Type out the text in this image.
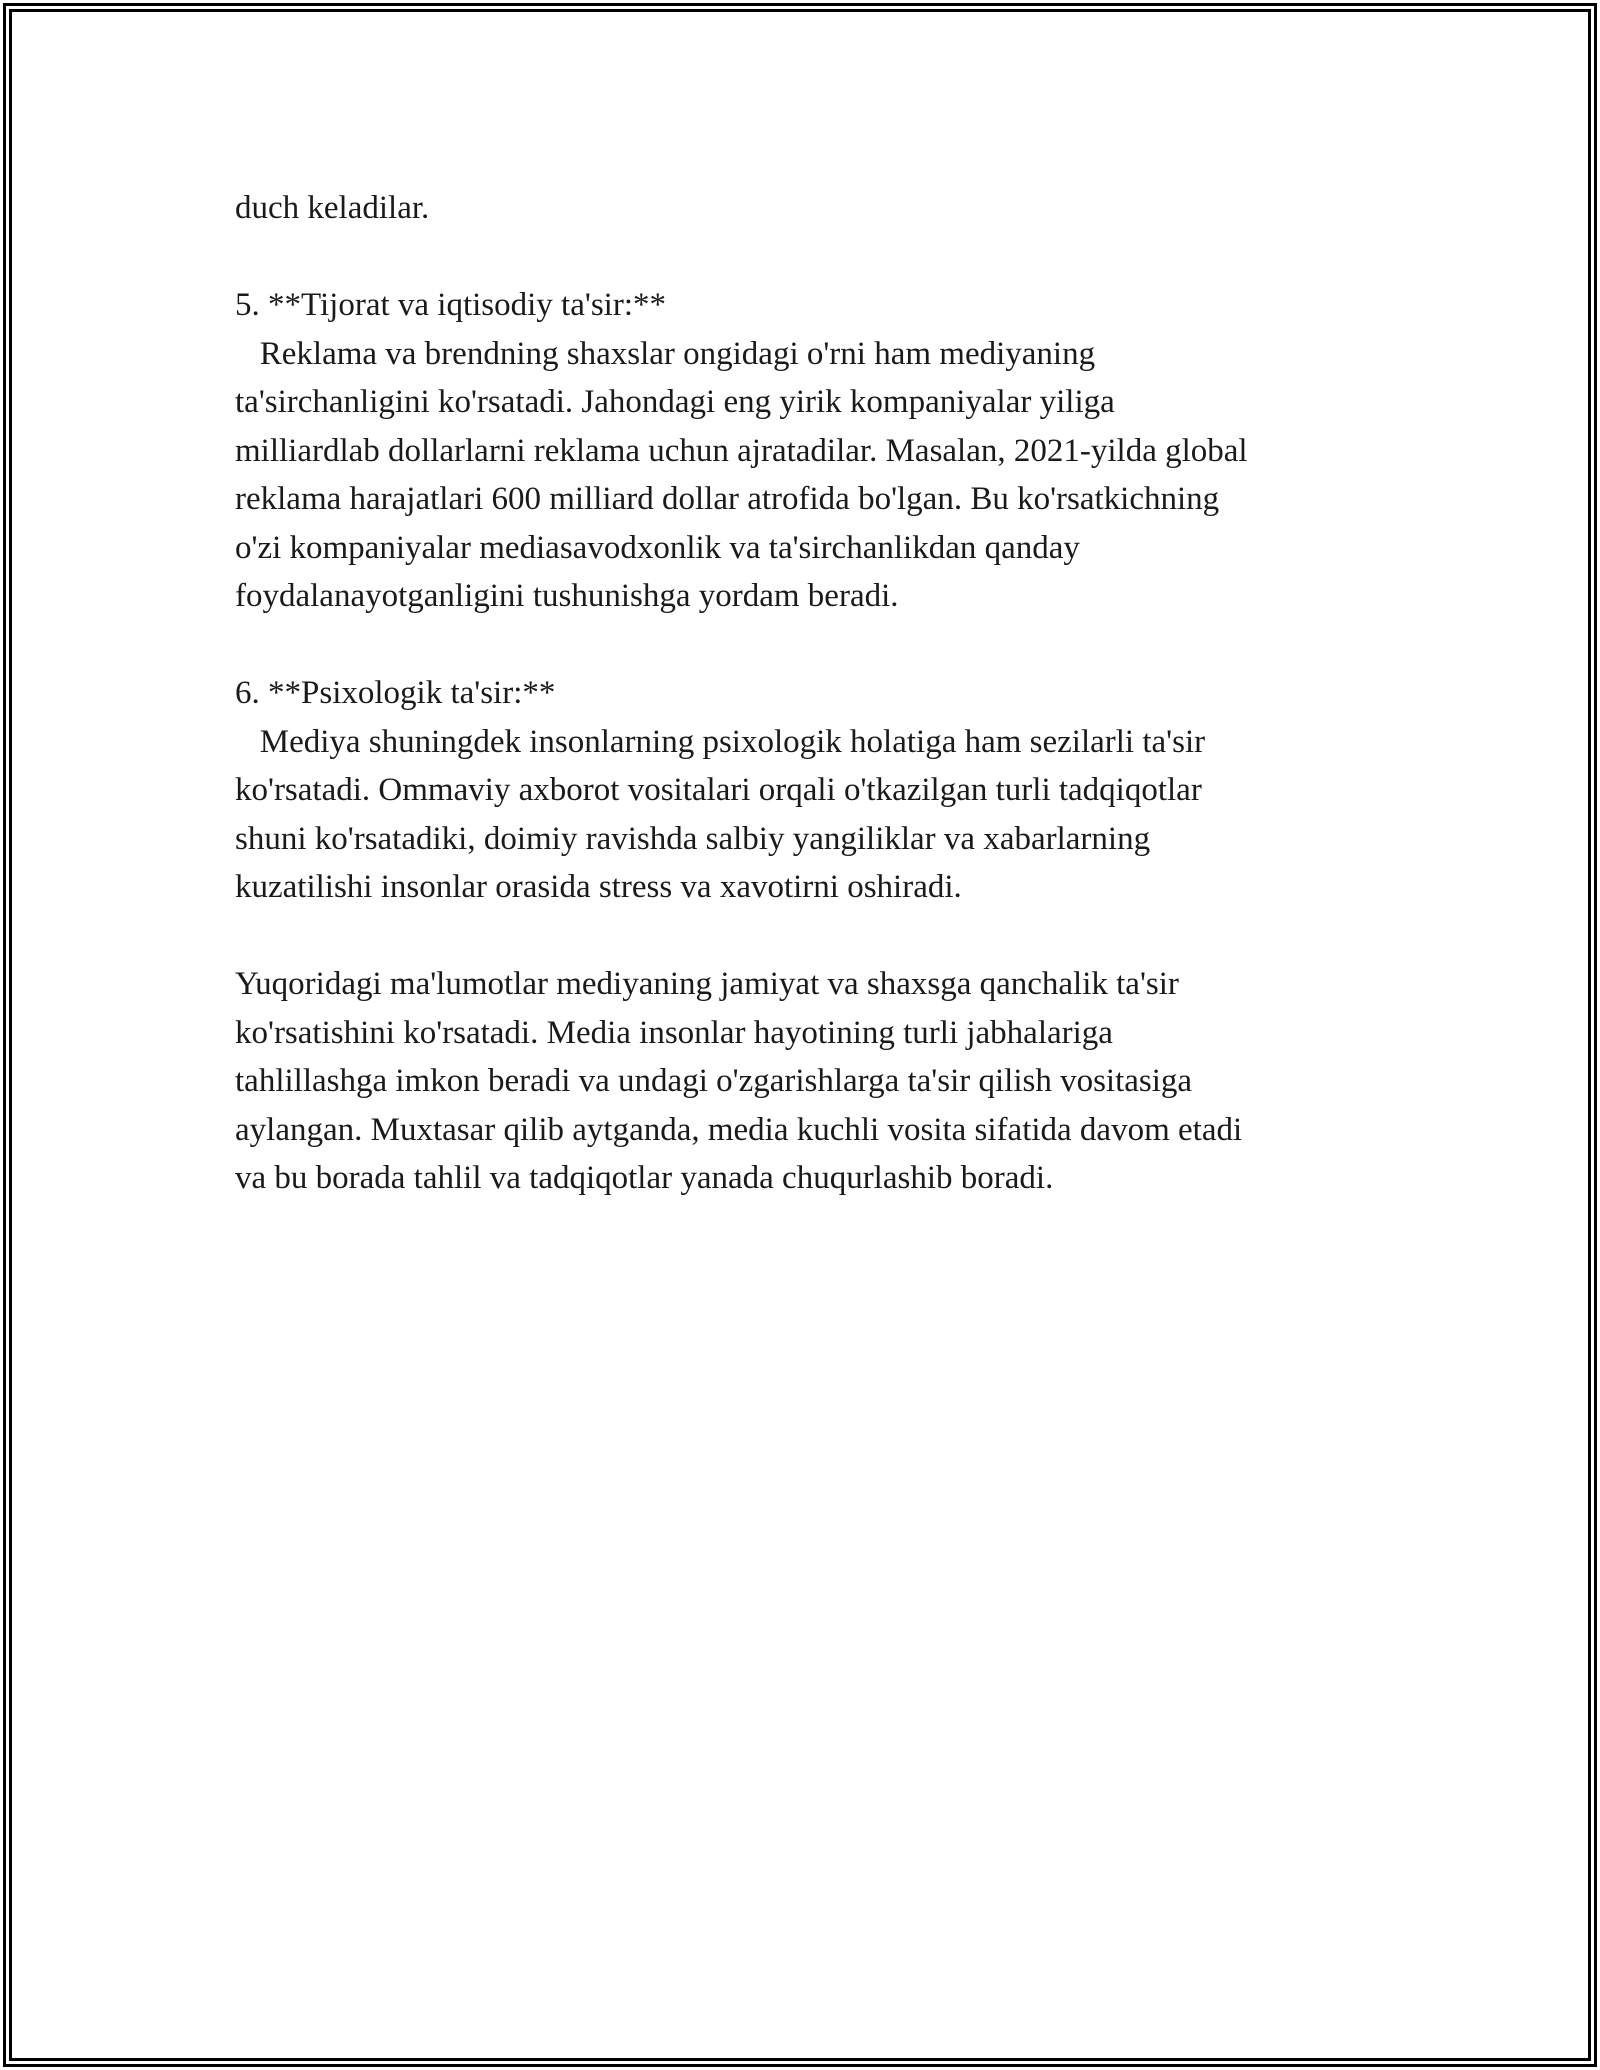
duch keladilar.
5. **Tijorat va iqtisodiy ta'sir:**
Reklama va brendning shaxslar ongidagi o'rni ham mediyaning
ta'sirchanligini ko'rsatadi. Jahondagi eng yirik kompaniyalar yiliga
milliardlab dollarlarni reklama uchun ajratadilar. Masalan, 2021-yilda global
reklama harajatlari 600 milliard dollar atrofida bo'lgan. Bu ko'rsatkichning
o'zi kompaniyalar mediasavodxonlik va ta'sirchanlikdan qanday
foydalanayotganligini tushunishga yordam beradi.
6. **Psixologik ta'sir:**
Mediya shuningdek insonlarning psixologik holatiga ham sezilarli ta'sir
ko'rsatadi. Ommaviy axborot vositalari orqali o'tkazilgan turli tadqiqotlar
shuni ko'rsatadiki, doimiy ravishda salbiy yangiliklar va xabarlarning
kuzatilishi insonlar orasida stress va xavotirni oshiradi.
Yuqoridagi ma'lumotlar mediyaning jamiyat va shaxsga qanchalik ta'sir
ko'rsatishini ko'rsatadi. Media insonlar hayotining turli jabhalariga
tahlillashga imkon beradi va undagi o'zgarishlarga ta'sir qilish vositasiga
aylangan. Muxtasar qilib aytganda, media kuchli vosita sifatida davom etadi
va bu borada tahlil va tadqiqotlar yanada chuqurlashib boradi.
